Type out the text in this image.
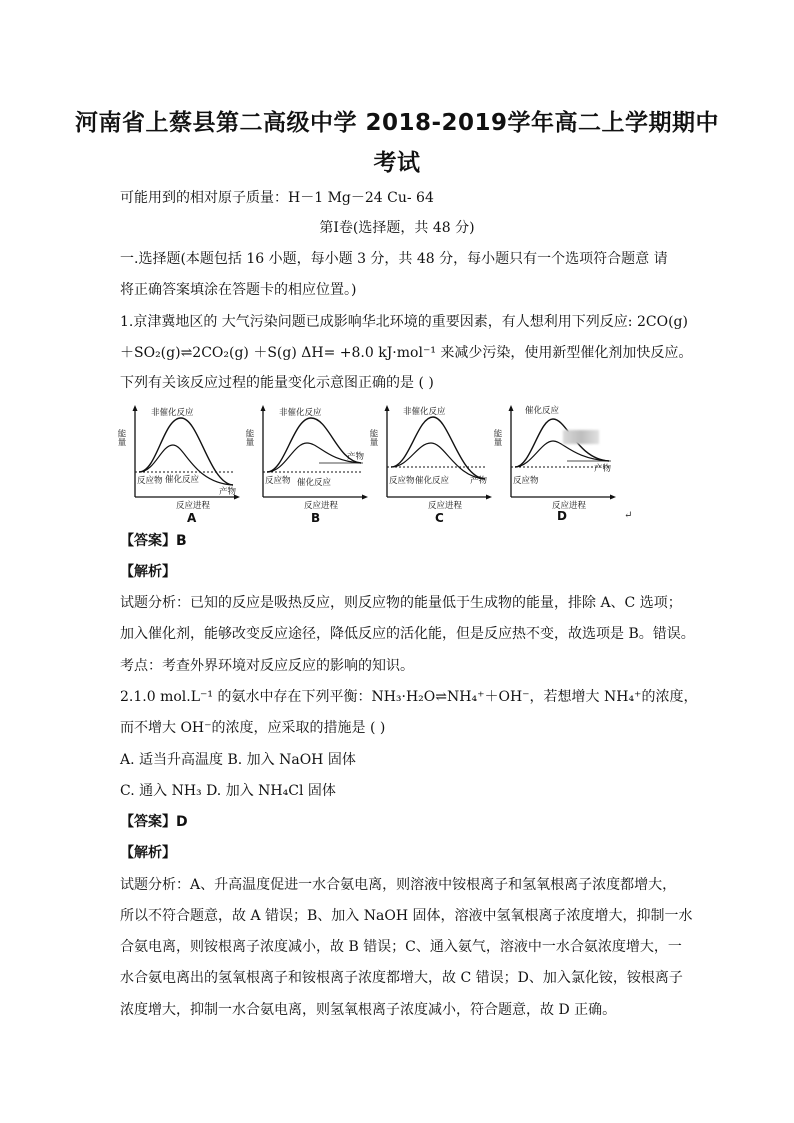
河南省上蔡县第二高级中学 2018-2019学年高二上学期期中
考试
可能用到的相对原子质量：H－1 Mg－24 Cu- 64
第Ⅰ卷(选择题，共 48 分)
一.选择题(本题包括 16 小题，每小题 3 分，共 48 分，每小题只有一个选项符合题意 请
将正确答案填涂在答题卡的相应位置。)
1.京津冀地区的 大气污染问题已成影响华北环境的重要因素，有人想利用下列反应: 2CO(g)
＋SO₂(g)⇌2CO₂(g) ＋S(g) ΔH= +8.0 kJ·mol⁻¹ 来减少污染，使用新型催化剂加快反应。
下列有关该反应过程的能量变化示意图正确的是 ( )
非催化反应
催化反应
反应物
产物
反应进程
能量
A
非催化反应
催化反应
反应物
产物
反应进程
能量
B
非催化反应
催化反应
反应物	产物
反应进程
能量
C
催化反应
反应物
产物
反应进程
能量
D	↵
【答案】B
【解析】
试题分析：已知的反应是吸热反应，则反应物的能量低于生成物的能量，排除 A、C 选项；
加入催化剂，能够改变反应途径，降低反应的活化能，但是反应热不变，故选项是 B。错误。
考点：考查外界环境对反应反应的影响的知识。
2.1.0 mol.L⁻¹ 的氨水中存在下列平衡：NH₃·H₂O⇌NH₄⁺＋OH⁻，若想增大 NH₄⁺的浓度，
而不增大 OH⁻的浓度，应采取的措施是 ( )
A. 适当升高温度 B. 加入 NaOH 固体
C. 通入 NH₃ D. 加入 NH₄Cl 固体
【答案】D
【解析】
试题分析：A、升高温度促进一水合氨电离，则溶液中铵根离子和氢氧根离子浓度都增大，
所以不符合题意，故 A 错误；B、加入 NaOH 固体，溶液中氢氧根离子浓度增大，抑制一水
合氨电离，则铵根离子浓度减小，故 B 错误；C、通入氨气，溶液中一水合氨浓度增大，一
水合氨电离出的氢氧根离子和铵根离子浓度都增大，故 C 错误；D、加入氯化铵，铵根离子
浓度增大，抑制一水合氨电离，则氢氧根离子浓度减小，符合题意，故 D 正确。
